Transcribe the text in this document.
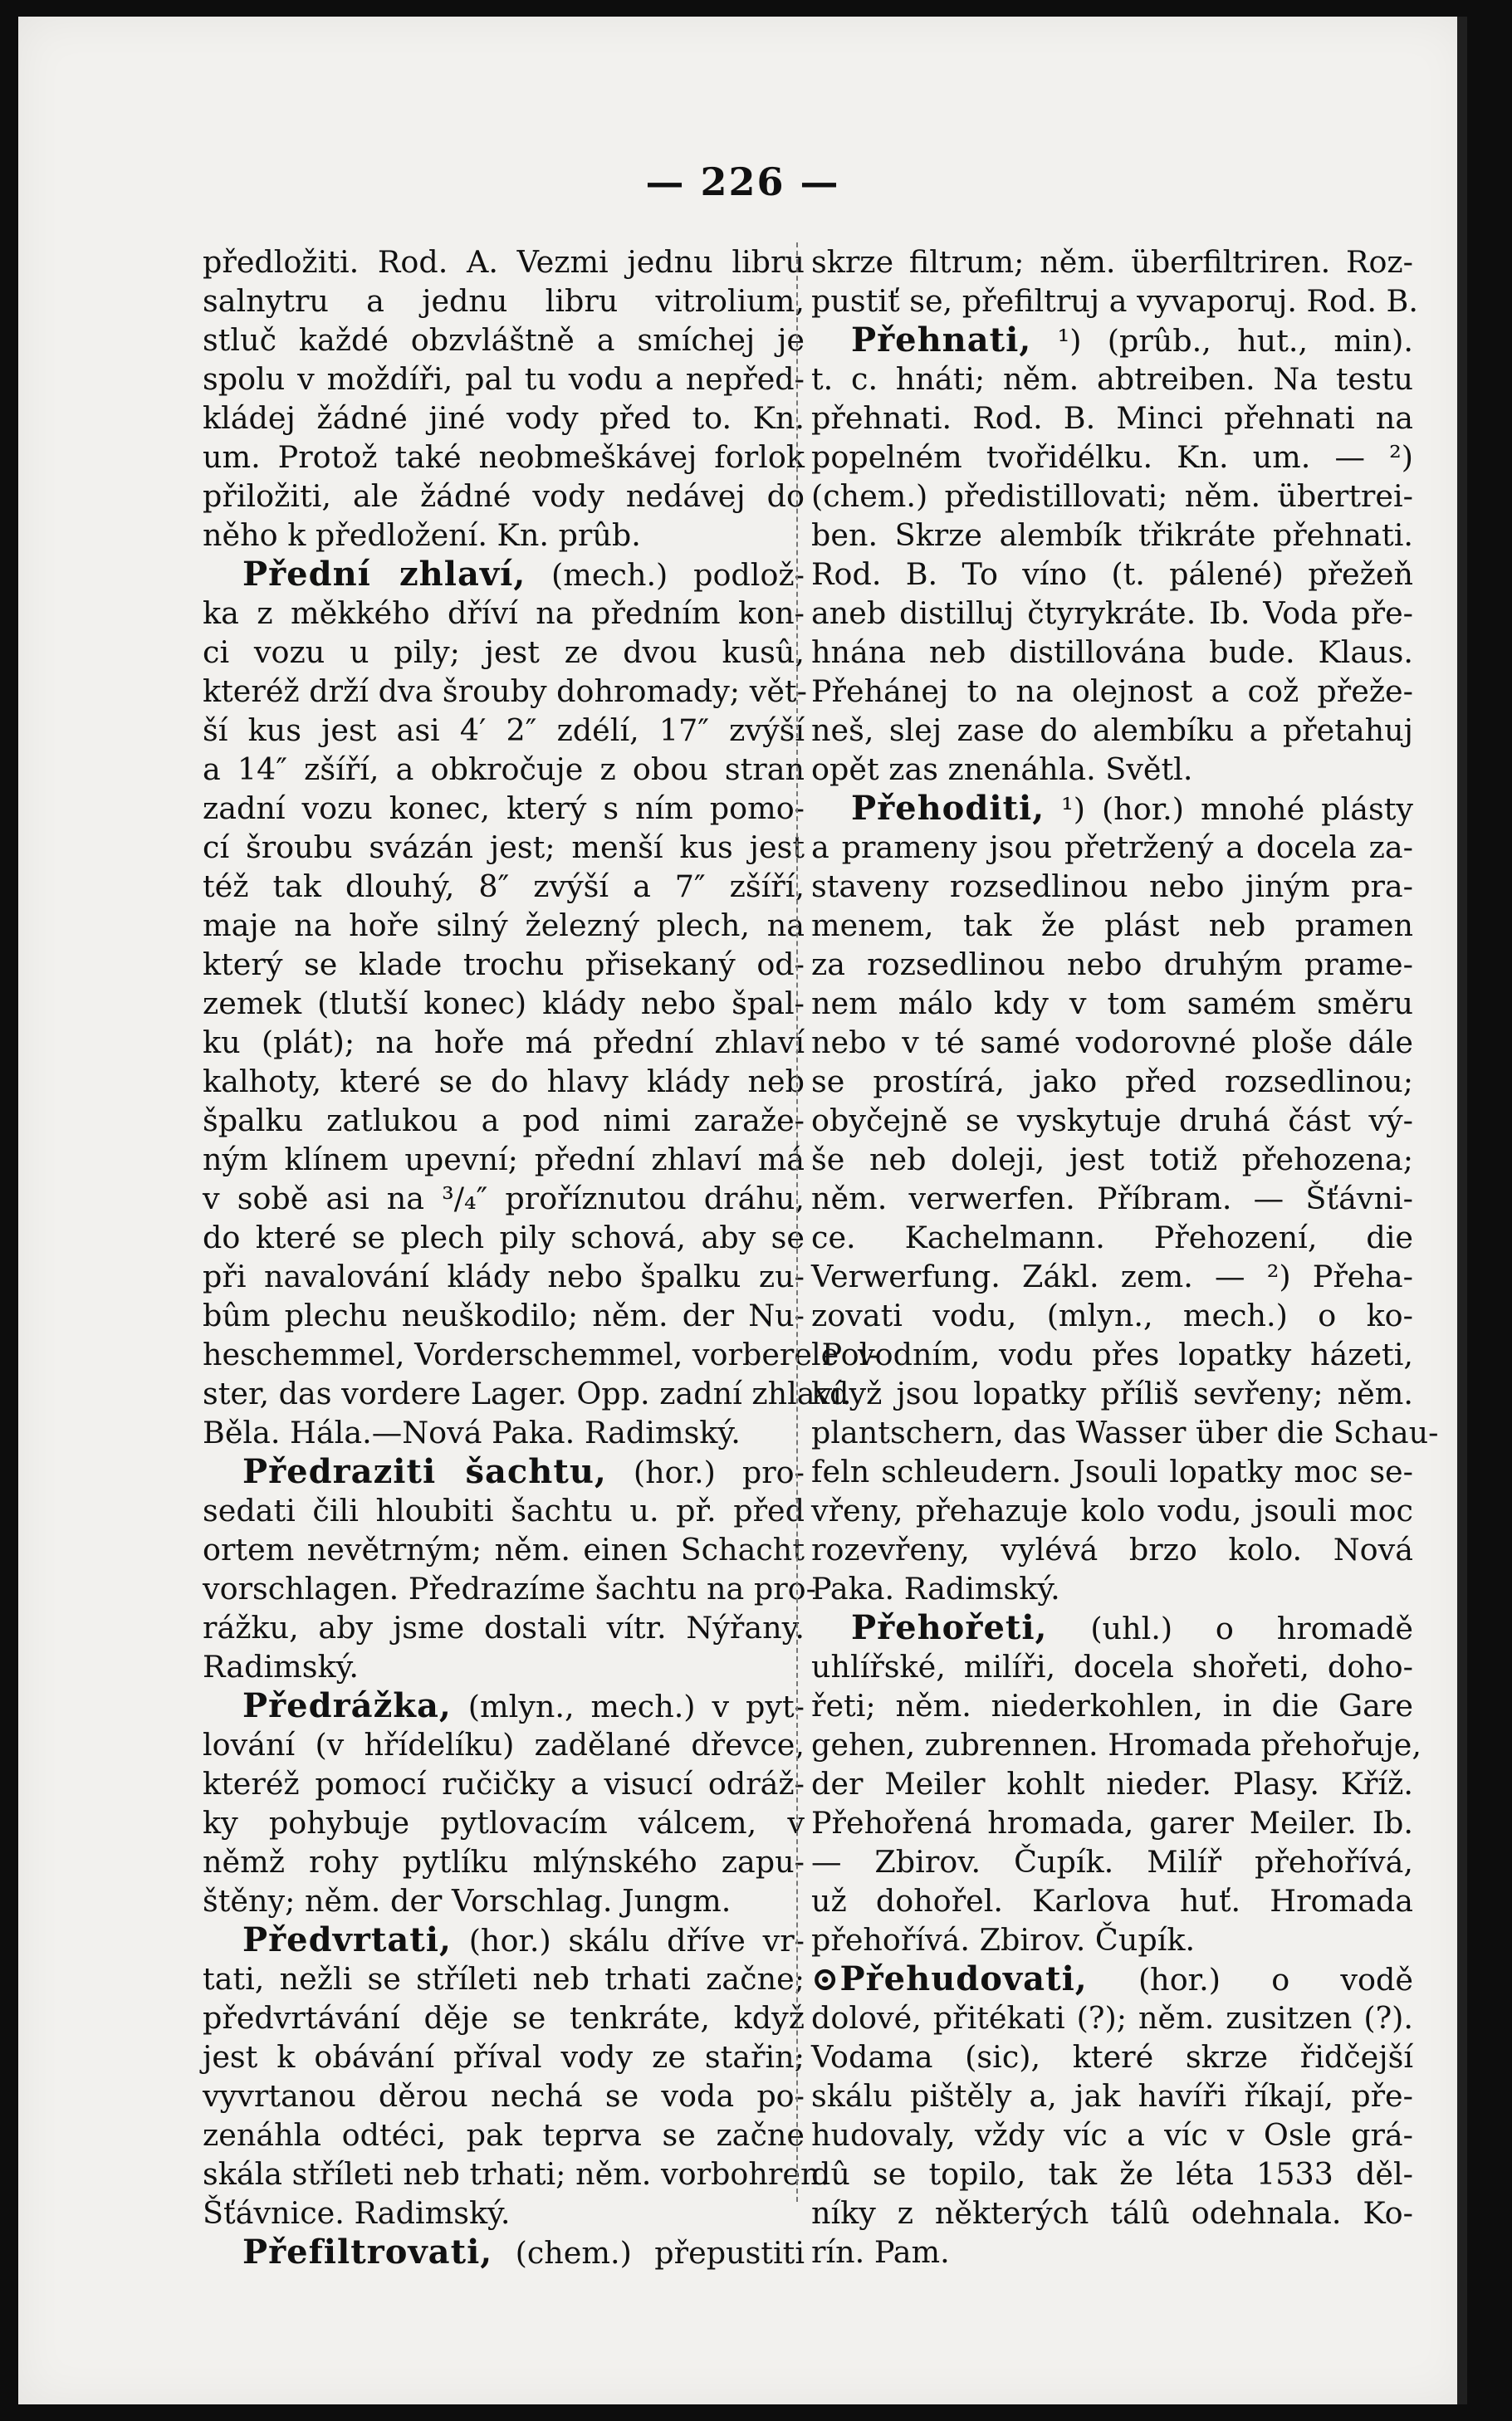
— 226 —
předložiti. Rod. A. Vezmi jednu libru
salnytru a jednu libru vitrolium,
stluč každé obzvláštně a smíchej je
spolu v moždíři, pal tu vodu a nepřed-
kládej žádné jiné vody před to. Kn.
um. Protož také neobmeškávej forlok
přiložiti, ale žádné vody nedávej do
něho k předložení. Kn. prûb.
Přední zhlaví, (mech.) podlož-
ka z měkkého dříví na předním kon-
ci vozu u pily; jest ze dvou kusû,
kteréž drží dva šrouby dohromady; vět-
ší kus jest asi 4′ 2″ zdélí, 17″ zvýší
a 14″ zšíří, a obkročuje z obou stran
zadní vozu konec, který s ním pomo-
cí šroubu svázán jest; menší kus jest
též tak dlouhý, 8″ zvýší a 7″ zšíří,
maje na hoře silný železný plech, na
který se klade trochu přisekaný od-
zemek (tlutší konec) klády nebo špal-
ku (plát); na hoře má přední zhlaví
kalhoty, které se do hlavy klády neb
špalku zatlukou a pod nimi zaraže-
ným klínem upevní; přední zhlaví má
v sobě asi na ³/₄″ proříznutou dráhu,
do které se plech pily schová, aby se
při navalování klády nebo špalku zu-
bûm plechu neuškodilo; něm. der Nu-
heschemmel, Vorderschemmel, vorbere Pol-
ster, das vordere Lager. Opp. zadní zhlaví.
Běla. Hála.—Nová Paka. Radimský.
Předraziti šachtu, (hor.) pro-
sedati čili hloubiti šachtu u. př. před
ortem nevětrným; něm. einen Schacht
vorschlagen. Předrazíme šachtu na pro-
rážku, aby jsme dostali vítr. Nýřany.
Radimský.
Předrážka, (mlyn., mech.) v pyt-
lování (v hřídelíku) zadělané dřevce,
kteréž pomocí ručičky a visucí odráž-
ky pohybuje pytlovacím válcem, v
němž rohy pytlíku mlýnského zapu-
štěny; něm. der Vorschlag. Jungm.
Předvrtati, (hor.) skálu dříve vr-
tati, nežli se stříleti neb trhati začne;
předvrtávání děje se tenkráte, když
jest k obávání příval vody ze stařin;
vyvrtanou děrou nechá se voda po-
zenáhla odtéci, pak teprva se začne
skála stříleti neb trhati; něm. vorbohren.
Šťávnice. Radimský.
Přefiltrovati, (chem.) přepustiti
skrze filtrum; něm. überfiltriren. Roz-
pustiť se, přefiltruj a vyvaporuj. Rod. B.
Přehnati, ¹) (prûb., hut., min).
t. c. hnáti; něm. abtreiben. Na testu
přehnati. Rod. B. Minci přehnati na
popelném tvořidélku. Kn. um. — ²)
(chem.) předistillovati; něm. übertrei-
ben. Skrze alembík třikráte přehnati.
Rod. B. To víno (t. pálené) přežeň
aneb distilluj čtyrykráte. Ib. Voda pře-
hnána neb distillována bude. Klaus.
Přehánej to na olejnost a což přeže-
neš, slej zase do alembíku a přetahuj
opět zas znenáhla. Světl.
Přehoditi, ¹) (hor.) mnohé plásty
a prameny jsou přetržený a docela za-
staveny rozsedlinou nebo jiným pra-
menem, tak že plást neb pramen
za rozsedlinou nebo druhým prame-
nem málo kdy v tom samém směru
nebo v té samé vodorovné ploše dále
se prostírá, jako před rozsedlinou;
obyčejně se vyskytuje druhá část vý-
še neb doleji, jest totiž přehozena;
něm. verwerfen. Příbram. — Šťávni-
ce. Kachelmann. Přehození, die
Verwerfung. Zákl. zem. — ²) Přeha-
zovati vodu, (mlyn., mech.) o ko-
le vodním, vodu přes lopatky házeti,
když jsou lopatky příliš sevřeny; něm.
plantschern, das Wasser über die Schau-
feln schleudern. Jsouli lopatky moc se-
vřeny, přehazuje kolo vodu, jsouli moc
rozevřeny, vylévá brzo kolo. Nová
Paka. Radimský.
Přehořeti, (uhl.) o hromadě
uhlířské, milíři, docela shořeti, doho-
řeti; něm. niederkohlen, in die Gare
gehen, zubrennen. Hromada přehořuje,
der Meiler kohlt nieder. Plasy. Kříž.
Přehořená hromada, garer Meiler. Ib.
— Zbirov. Čupík. Milíř přehořívá,
už dohořel. Karlova huť. Hromada
přehořívá. Zbirov. Čupík.
⊙Přehudovati, (hor.) o vodě
dolové, přitékati (?); něm. zusitzen (?).
Vodama (sic), které skrze řidčejší
skálu pištěly a, jak havíři říkají, pře-
hudovaly, vždy víc a víc v Osle grá-
dû se topilo, tak že léta 1533 děl-
níky z některých tálû odehnala. Ko-
rín. Pam.
